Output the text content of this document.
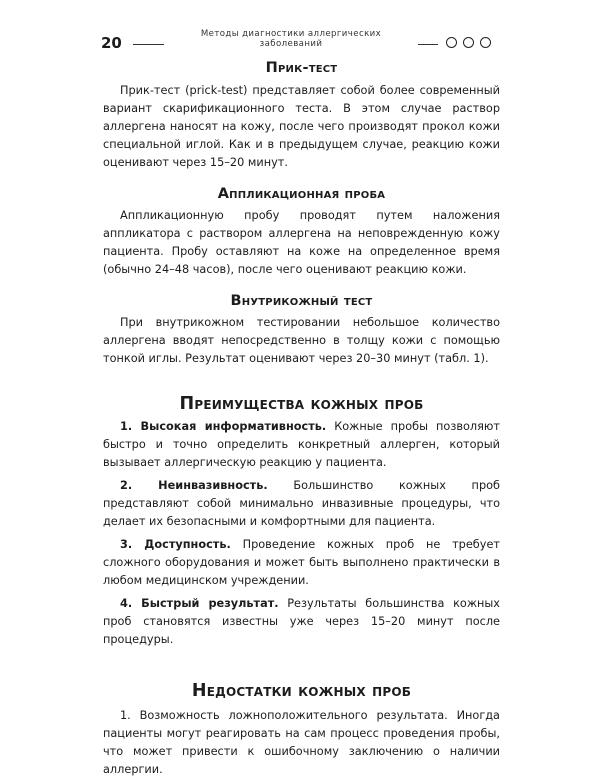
20	Методы диагностики аллергических заболеваний
Прик-тест

Прик-тест (prick-test) представляет собой более современный вариант скарификационного теста. В этом случае раствор аллергена наносят на кожу, после чего производят прокол кожи специальной иглой. Как и в предыдущем случае, реакцию кожи оценивают через 15–20 минут.

Аппликационная проба

Аппликационную пробу проводят путем наложения аппликатора с раствором аллергена на неповрежденную кожу пациента. Пробу оставляют на коже на определенное время (обычно 24–48 часов), после чего оценивают реакцию кожи.

Внутрикожный тест

При внутрикожном тестировании небольшое количество аллергена вводят непосредственно в толщу кожи с помощью тонкой иглы. Результат оценивают через 20–30 минут (табл. 1).

Преимущества кожных проб

1. Высокая информативность. Кожные пробы позволяют быстро и точно определить конкретный аллерген, который вызывает аллергическую реакцию у пациента.

2. Неинвазивность. Большинство кожных проб представляют собой минимально инвазивные процедуры, что делает их безопасными и комфортными для пациента.

3. Доступность. Проведение кожных проб не требует сложного оборудования и может быть выполнено практически в любом медицинском учреждении.

4. Быстрый результат. Результаты большинства кожных проб становятся известны уже через 15–20 минут после процедуры.

Недостатки кожных проб

1. Возможность ложноположительного результата. Иногда пациенты могут реагировать на сам процесс проведения пробы, что может привести к ошибочному заключению о наличии аллергии.
